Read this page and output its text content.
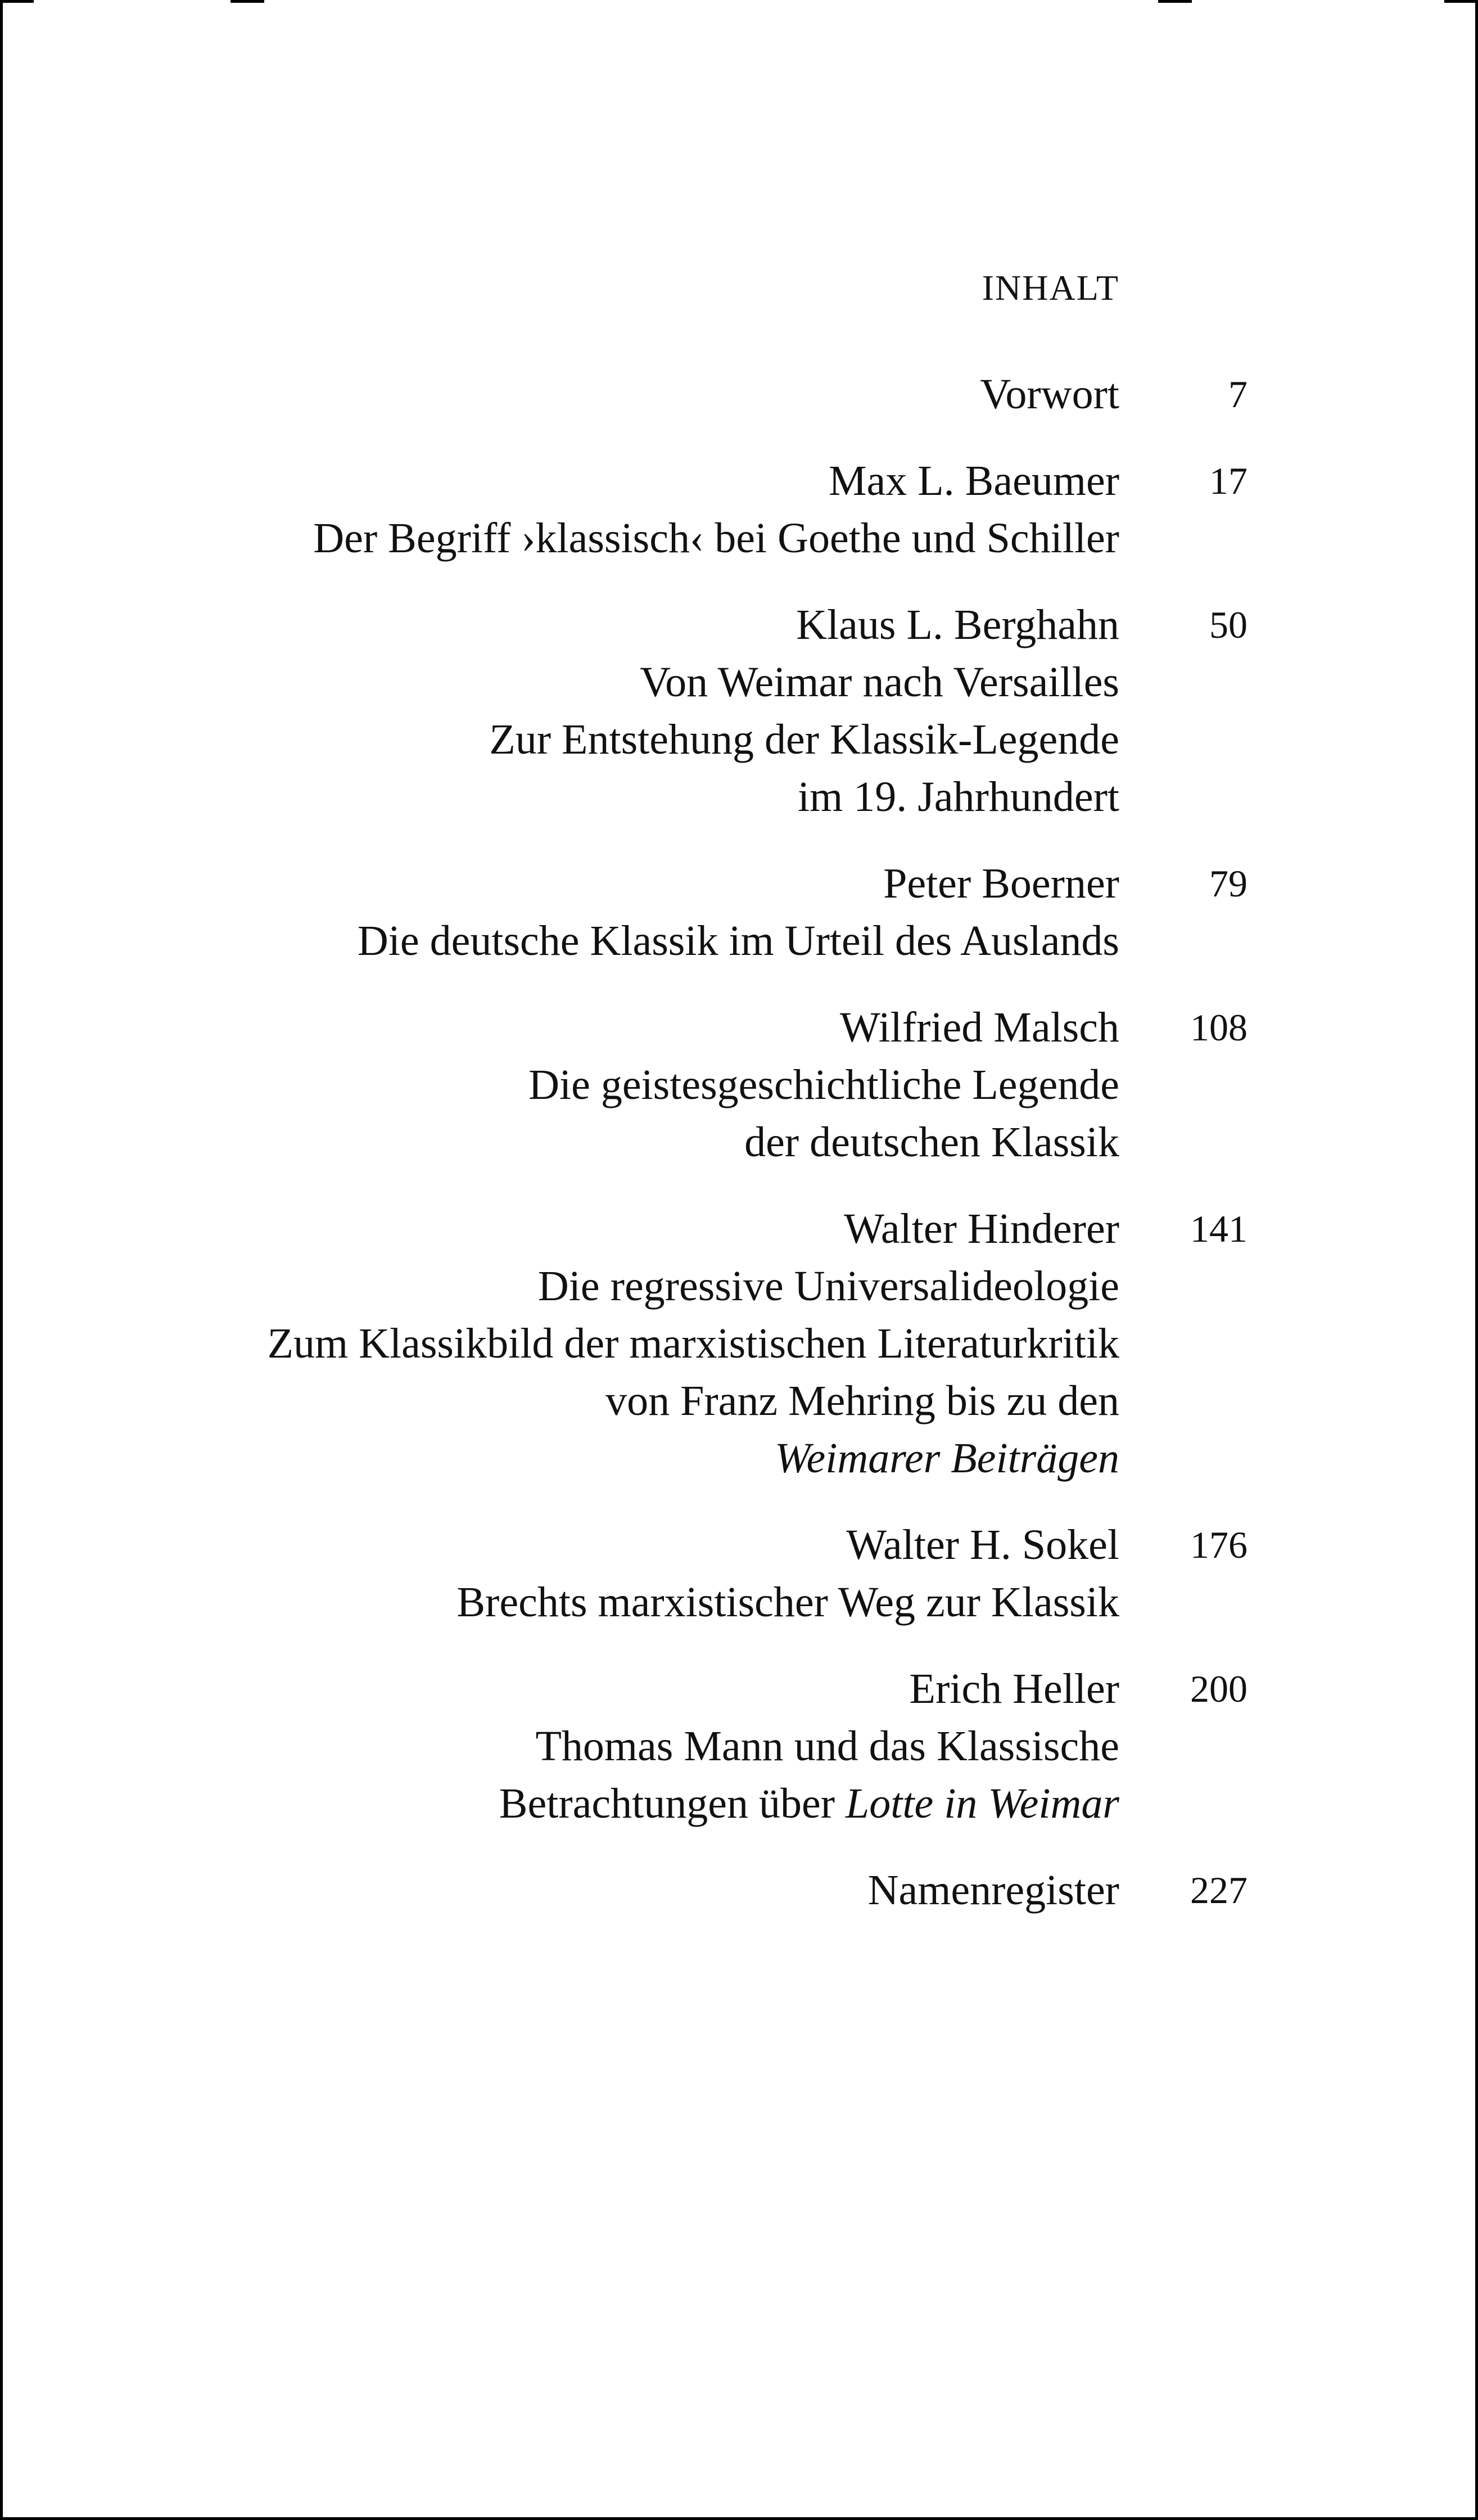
INHALT
Vorwort	7
Max L. Baeumer 17
Der Begriff ›klassisch‹ bei Goethe und Schiller
Klaus L. Berghahn 50
Von Weimar nach Versailles
Zur Entstehung der Klassik-Legende
im 19. Jahrhundert
Peter Boerner 79
Die deutsche Klassik im Urteil des Auslands
Wilfried Malsch 108
Die geistesgeschichtliche Legende
der deutschen Klassik
Walter Hinderer 141
Die regressive Universalideologie
Zum Klassikbild der marxistischen Literaturkritik
von Franz Mehring bis zu den
Weimarer Beiträgen
Walter H. Sokel 176
Brechts marxistischer Weg zur Klassik
Erich Heller 200
Thomas Mann und das Klassische
Betrachtungen über Lotte in Weimar
Namenregister 227
